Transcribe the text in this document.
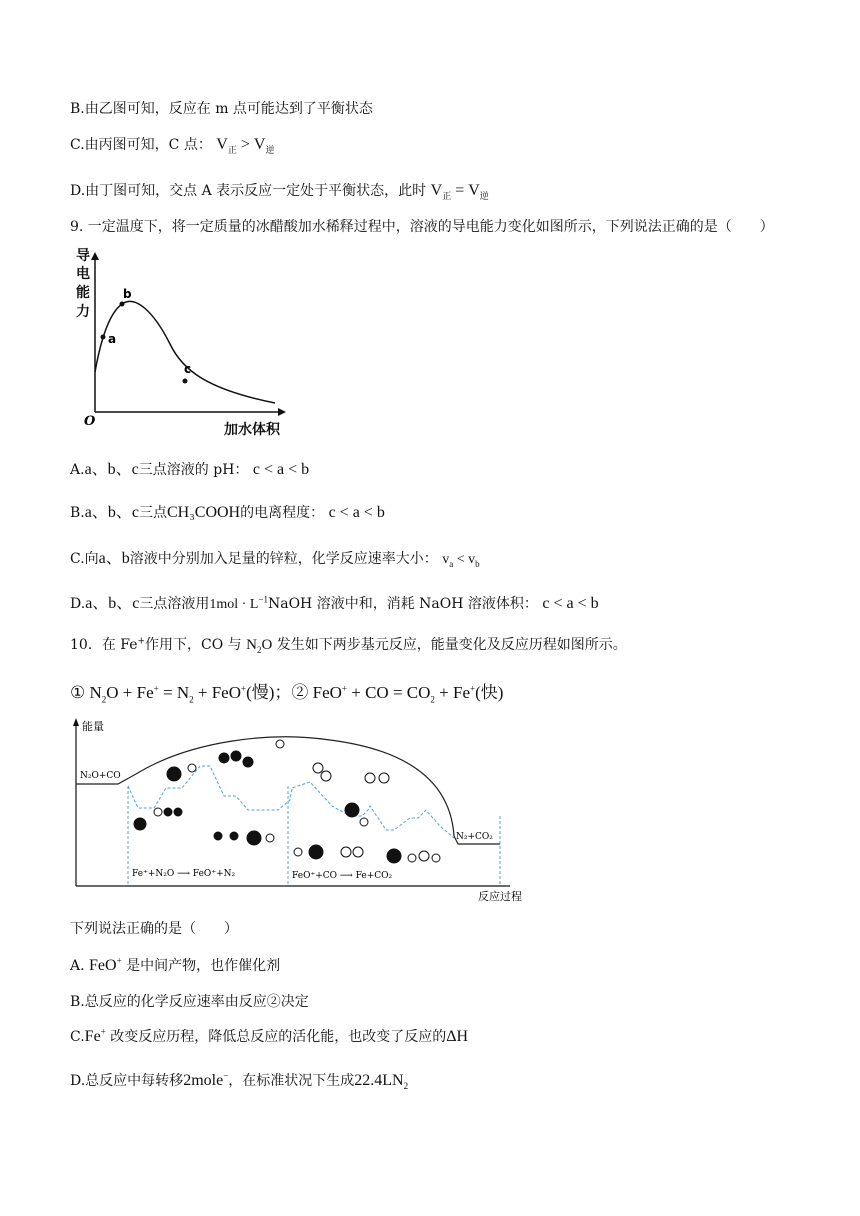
B.由乙图可知，反应在 m 点可能达到了平衡状态
C.由丙图可知，C 点： $V_正 > V_逆$
D.由丁图可知，交点 A 表示反应一定处于平衡状态，此时 $V_正 = V_逆$
9. 一定温度下，将一定质量的冰醋酸加水稀释过程中，溶液的导电能力变化如图所示，下列说法正确的是（　　）
导
电
能
力
加水体积
O
a
b
c
A.a、b、c三点溶液的 pH： c < a < b
B.a、b、c三点CH₃COOH的电离程度： c < a < b
C.向a、b溶液中分别加入足量的锌粒，化学反应速率大小： $v_a < v_b$
D.a、b、c三点溶液用$1mol \cdot L^{-1}NaOH$ 溶液中和，消耗 NaOH 溶液体积： c < a < b
10．在 Fe+作用下，CO 与 $N_2O$ 发生如下两步基元反应，能量变化及反应历程如图所示。
① $N_2O + Fe^+ = N_2 + FeO^+$(慢)；② FeO+ + CO = $CO_2 + Fe^+$(快)
能量
反应过程
N₂O+CO
N₂+CO₂
Fe⁺+N₂O ⟶ FeO⁺+N₂	FeO⁺+CO ⟶ Fe+CO₂
下列说法正确的是（　　）
A. FeO+ 是中间产物，也作催化剂
B.总反应的化学反应速率由反应②决定
C.Fe+ 改变反应历程，降低总反应的活化能，也改变了反应的ΔH
D.总反应中每转移2mole−，在标准状况下生成$22.4LN_2$
